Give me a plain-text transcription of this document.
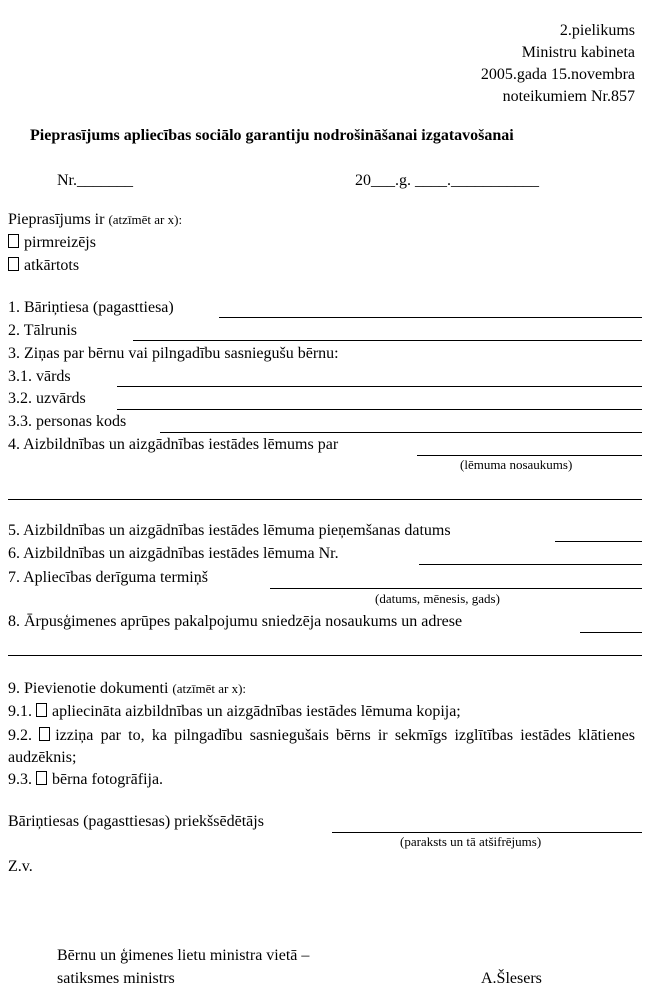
2.pielikums
Ministru kabineta
2005.gada 15.novembra
noteikumiem Nr.857
Pieprasījums apliecības sociālo garantiju nodrošināšanai izgatavošanai
Nr._______	20___.g. ____.___________
Pieprasījums ir (atzīmēt ar x):
pirmreizējs
atkārtots
1. Bāriņtiesa (pagasttiesa)
2. Tālrunis
3. Ziņas par bērnu vai pilngadību sasniegušu bērnu:
3.1. vārds
3.2. uzvārds
3.3. personas kods
4. Aizbildnības un aizgādnības iestādes lēmums par
(lēmuma nosaukums)
5. Aizbildnības un aizgādnības iestādes lēmuma pieņemšanas datums
6. Aizbildnības un aizgādnības iestādes lēmuma Nr.
7. Apliecības derīguma termiņš
(datums, mēnesis, gads)
8. Ārpusģimenes aprūpes pakalpojumu sniedzēja nosaukums un adrese
9. Pievienotie dokumenti (atzīmēt ar x):
9.1. apliecināta aizbildnības un aizgādnības iestādes lēmuma kopija;
9.2. izziņa par to, ka pilngadību sasniegušais bērns ir sekmīgs izglītības iestādes klātienes audzēknis;
9.3. bērna fotogrāfija.
Bāriņtiesas (pagasttiesas) priekšsēdētājs
(paraksts un tā atšifrējums)
Z.v.
Bērnu un ģimenes lietu ministra vietā –
satiksmes ministrs	A.Šlesers
